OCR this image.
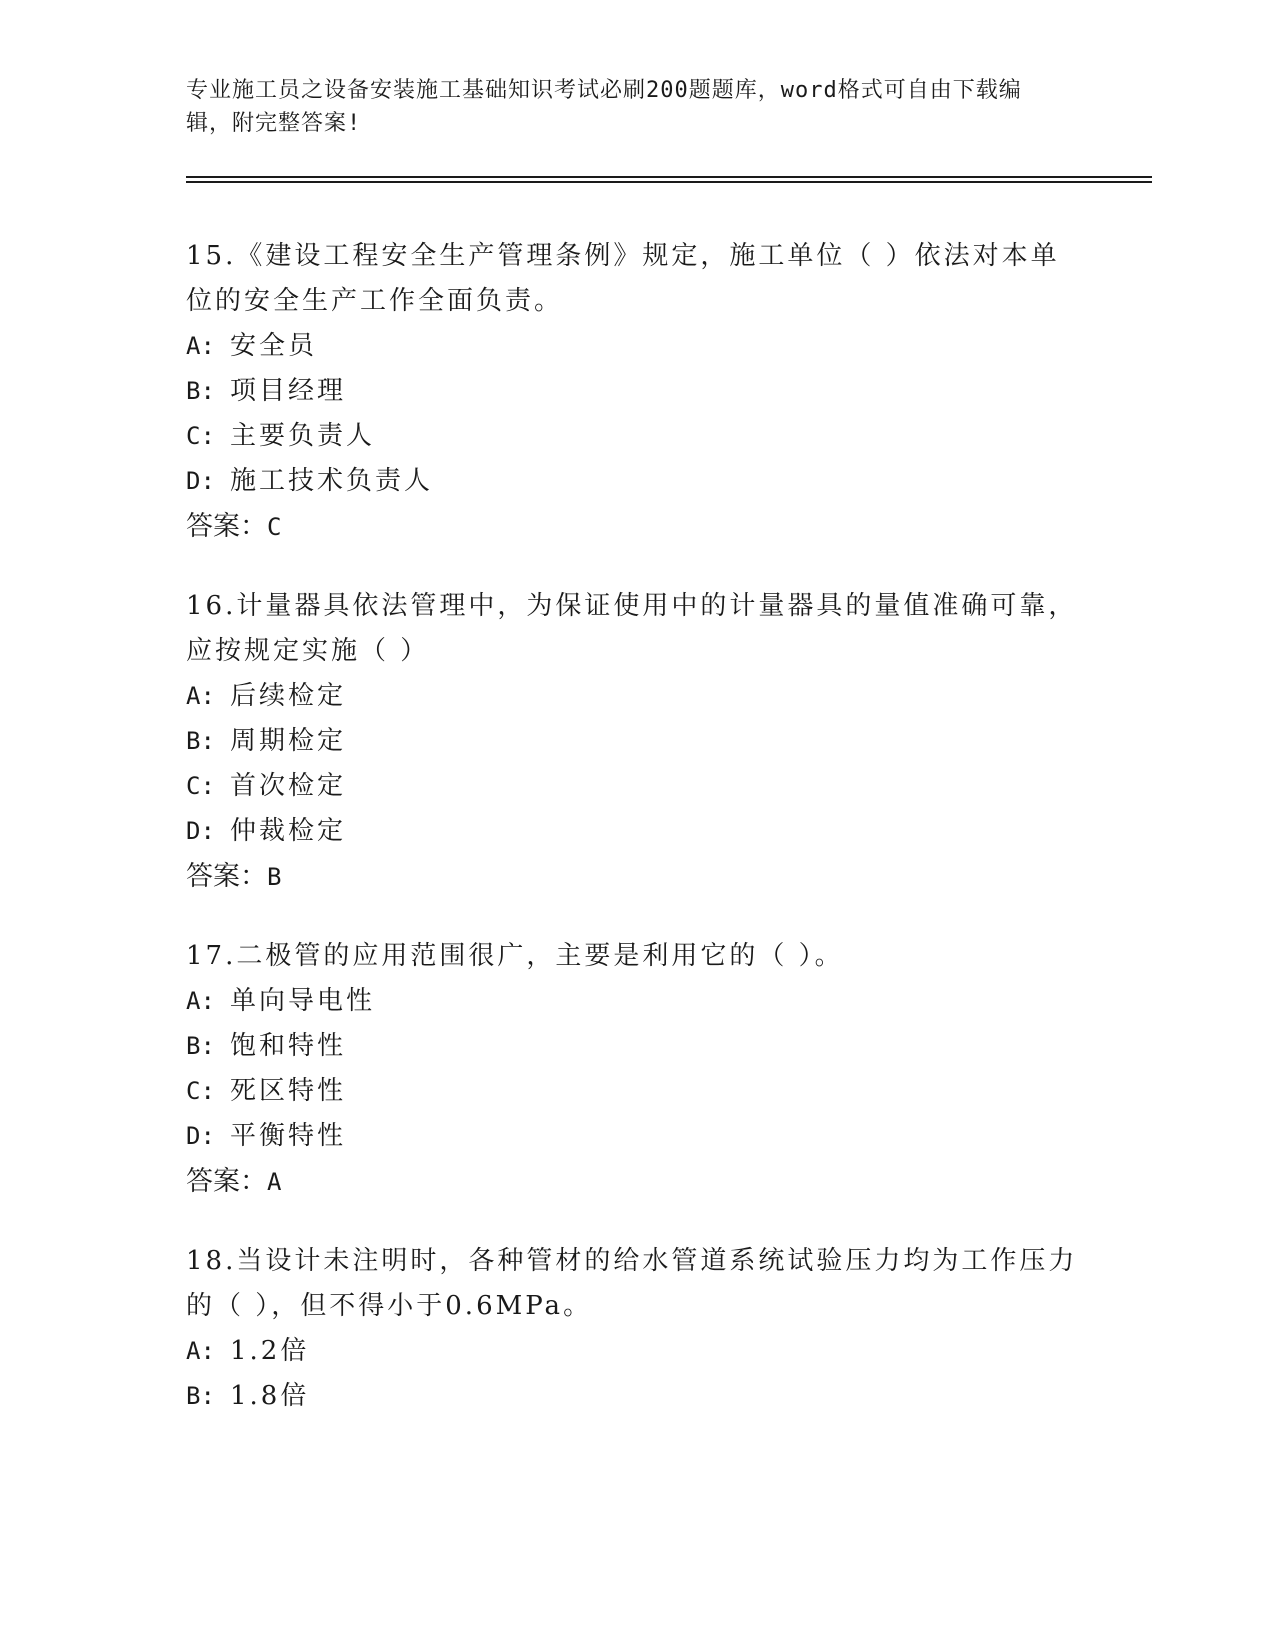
专业施工员之设备安装施工基础知识考试必刷200题题库，word格式可自由下载编辑，附完整答案!
15.《建设工程安全生产管理条例》规定，施工单位（ ）依法对本单位的安全生产工作全面负责。
A: 安全员
B: 项目经理
C: 主要负责人
D: 施工技术负责人
答案：C
16.计量器具依法管理中，为保证使用中的计量器具的量值准确可靠，应按规定实施（ ）
A: 后续检定
B: 周期检定
C: 首次检定
D: 仲裁检定
答案：B
17.二极管的应用范围很广，主要是利用它的（ ）。
A: 单向导电性
B: 饱和特性
C: 死区特性
D: 平衡特性
答案：A
18.当设计未注明时，各种管材的给水管道系统试验压力均为工作压力的（ ），但不得小于0.6MPa。
A: 1.2倍
B: 1.8倍
